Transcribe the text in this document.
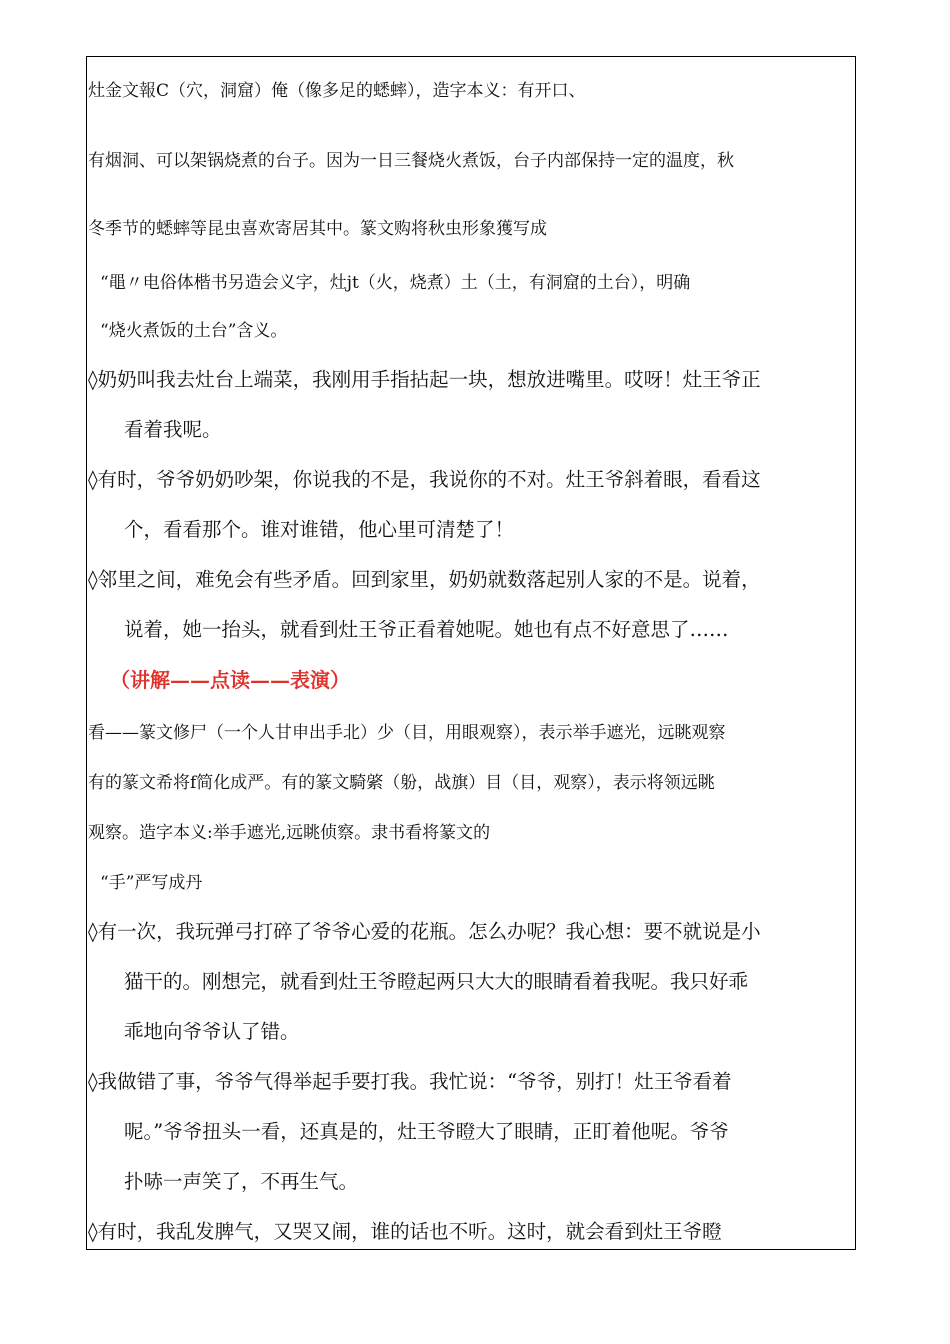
灶金文報C（穴，洞窟）俺（像多足的蟋蟀），造字本义：有开口、
有烟洞、可以架锅烧煮的台子。因为一日三餐烧火煮饭，台子内部保持一定的温度，秋
冬季节的蟋蟀等昆虫喜欢寄居其中。篆文购将秋虫形象獲写成
“黽〃电俗体楷书另造会义字，灶jt（火，烧煮）土（土，有洞窟的土台），明确
“烧火煮饭的土台”含义。
◊奶奶叫我去灶台上端菜，我刚用手指拈起一块，想放进嘴里。哎呀！灶王爷正
看着我呢。
◊有时，爷爷奶奶吵架，你说我的不是，我说你的不对。灶王爷斜着眼，看看这
个，看看那个。谁对谁错，他心里可清楚了！
◊邻里之间，难免会有些矛盾。回到家里，奶奶就数落起别人家的不是。说着，
说着，她一抬头，就看到灶王爷正看着她呢。她也有点不好意思了……
（讲解——点读——表演）
看——篆文修尸（一个人甘申出手北）少（目，用眼观察），表示举手遮光，远眺观察
有的篆文希将f简化成严。有的篆文騎綮（躮，战旗）目（目，观察），表示将领远眺
观察。造字本义:举手遮光,远眺侦察。隶书看将篆文的
“手”严写成丹
◊有一次，我玩弹弓打碎了爷爷心爱的花瓶。怎么办呢？我心想：要不就说是小
猫干的。刚想完，就看到灶王爷瞪起两只大大的眼睛看着我呢。我只好乖
乖地向爷爷认了错。
◊我做错了事，爷爷气得举起手要打我。我忙说：“爷爷，别打！灶王爷看着
呢。”爷爷扭头一看，还真是的，灶王爷瞪大了眼睛，正盯着他呢。爷爷
扑哧一声笑了，不再生气。
◊有时，我乱发脾气，又哭又闹，谁的话也不听。这时，就会看到灶王爷瞪
